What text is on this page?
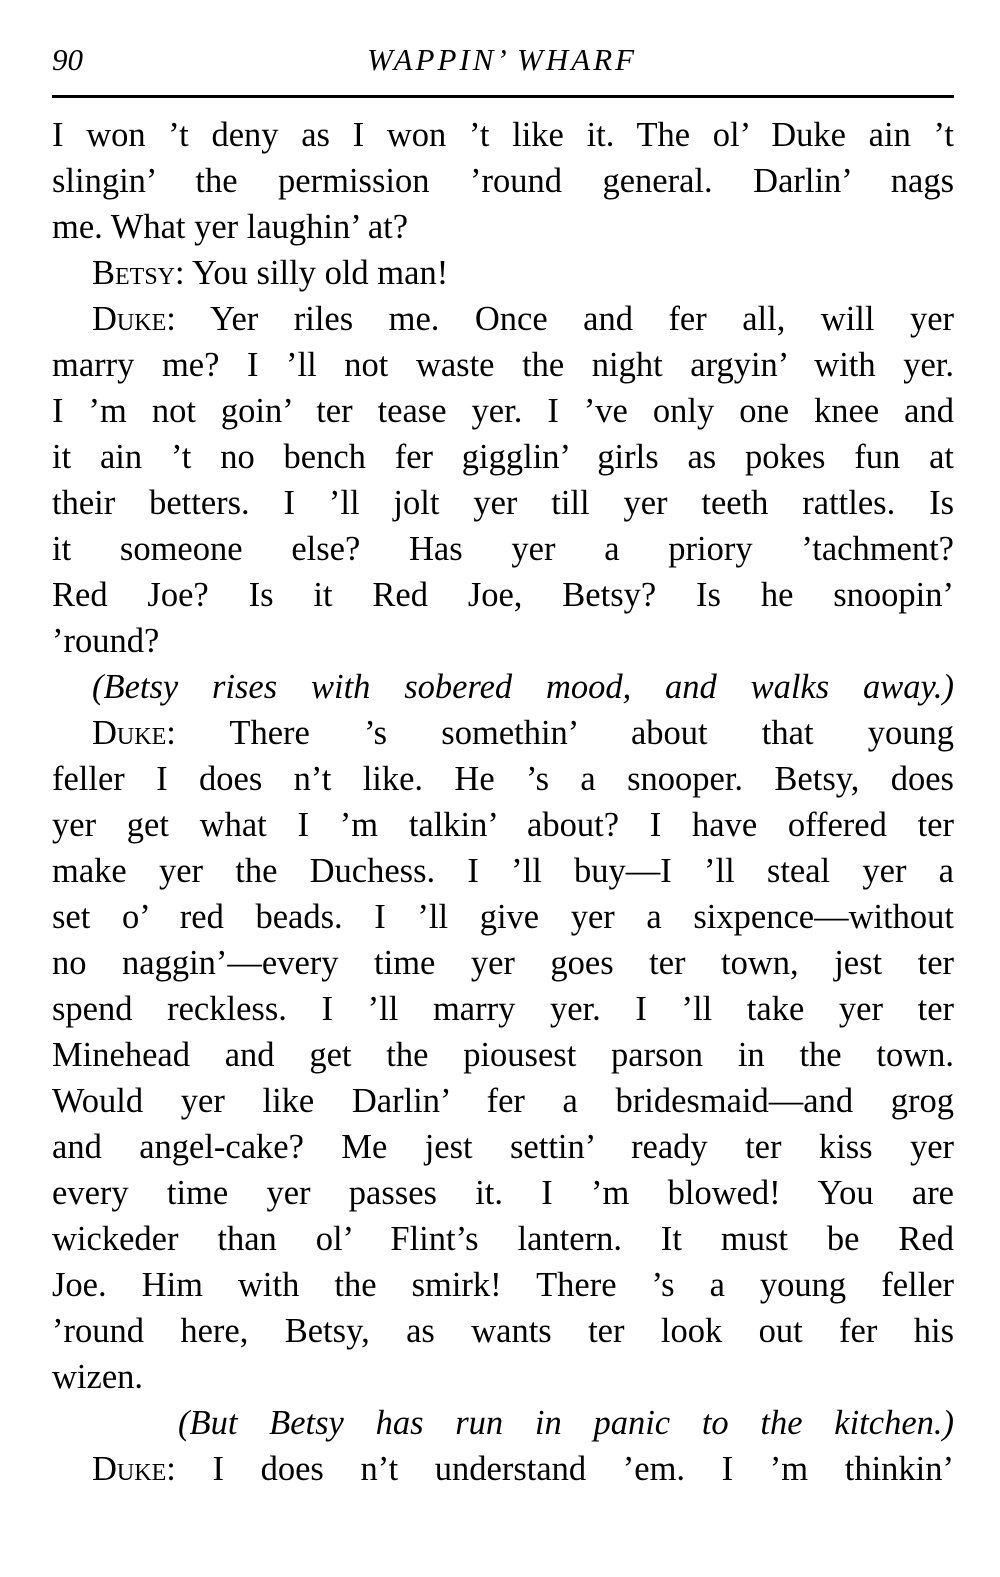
90	WAPPIN’ WHARF
I won ’t deny as I won ’t like it. The ol’ Duke ain ’t
slingin’ the permission ’round general. Darlin’ nags
me. What yer laughin’ at?
Betsy: You silly old man!
Duke: Yer riles me. Once and fer all, will yer
marry me? I ’ll not waste the night argyin’ with yer.
I ’m not goin’ ter tease yer. I ’ve only one knee and
it ain ’t no bench fer gigglin’ girls as pokes fun at
their betters. I ’ll jolt yer till yer teeth rattles. Is
it someone else? Has yer a priory ’tachment?
Red Joe? Is it Red Joe, Betsy? Is he snoopin’
’round?
(Betsy rises with sobered mood, and walks away.)
Duke: There ’s somethin’ about that young
feller I does n’t like. He ’s a snooper. Betsy, does
yer get what I ’m talkin’ about? I have offered ter
make yer the Duchess. I ’ll buy—I ’ll steal yer a
set o’ red beads. I ’ll give yer a sixpence—without
no naggin’—every time yer goes ter town, jest ter
spend reckless. I ’ll marry yer. I ’ll take yer ter
Minehead and get the piousest parson in the town.
Would yer like Darlin’ fer a bridesmaid—and grog
and angel-cake? Me jest settin’ ready ter kiss yer
every time yer passes it. I ’m blowed! You are
wickeder than ol’ Flint’s lantern. It must be Red
Joe. Him with the smirk! There ’s a young feller
’round here, Betsy, as wants ter look out fer his
wizen.
(But Betsy has run in panic to the kitchen.)
Duke: I does n’t understand ’em. I ’m thinkin’
